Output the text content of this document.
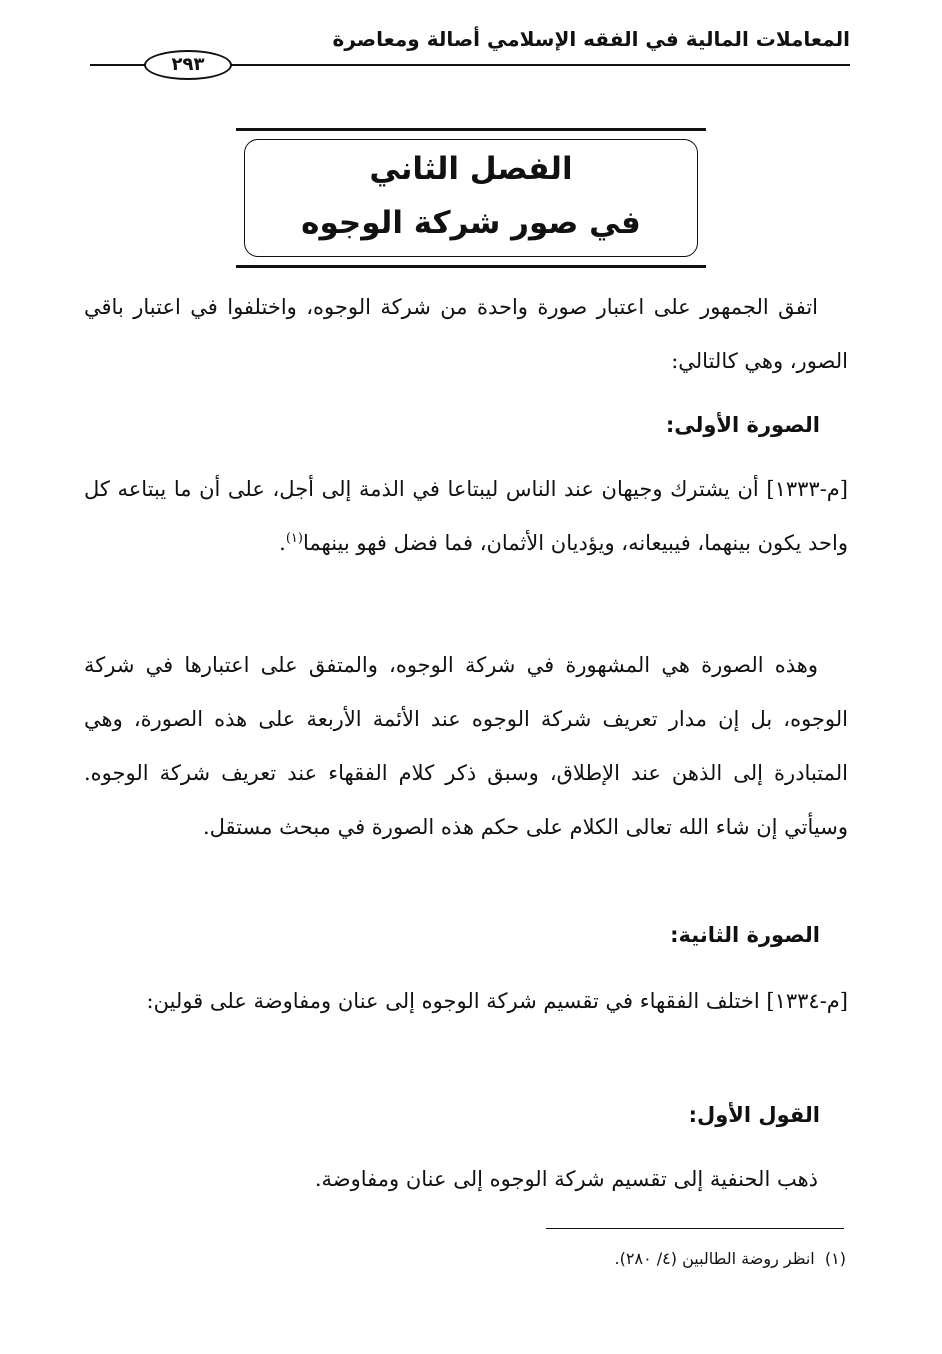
المعاملات المالية في الفقه الإسلامي أصالة ومعاصرة
٢٩٣
الفصل الثاني
في صور شركة الوجوه

اتفق الجمهور على اعتبار صورة واحدة من شركة الوجوه، واختلفوا في اعتبار باقي الصور، وهي كالتالي:

الصورة الأولى:

[م-١٣٣٣] أن يشترك وجيهان عند الناس ليبتاعا في الذمة إلى أجل، على أن ما يبتاعه كل واحد يكون بينهما، فيبيعانه، ويؤديان الأثمان، فما فضل فهو بينهما$^{(١)}$.

وهذه الصورة هي المشهورة في شركة الوجوه، والمتفق على اعتبارها في شركة الوجوه، بل إن مدار تعريف شركة الوجوه عند الأئمة الأربعة على هذه الصورة، وهي المتبادرة إلى الذهن عند الإطلاق، وسبق ذكر كلام الفقهاء عند تعريف شركة الوجوه. وسيأتي إن شاء الله تعالى الكلام على حكم هذه الصورة في مبحث مستقل.

الصورة الثانية:

[م-١٣٣٤] اختلف الفقهاء في تقسيم شركة الوجوه إلى عنان ومفاوضة على قولين:

القول الأول:

ذهب الحنفية إلى تقسيم شركة الوجوه إلى عنان ومفاوضة.

(١)  انظر روضة الطالبين (٤/ ٢٨٠).
